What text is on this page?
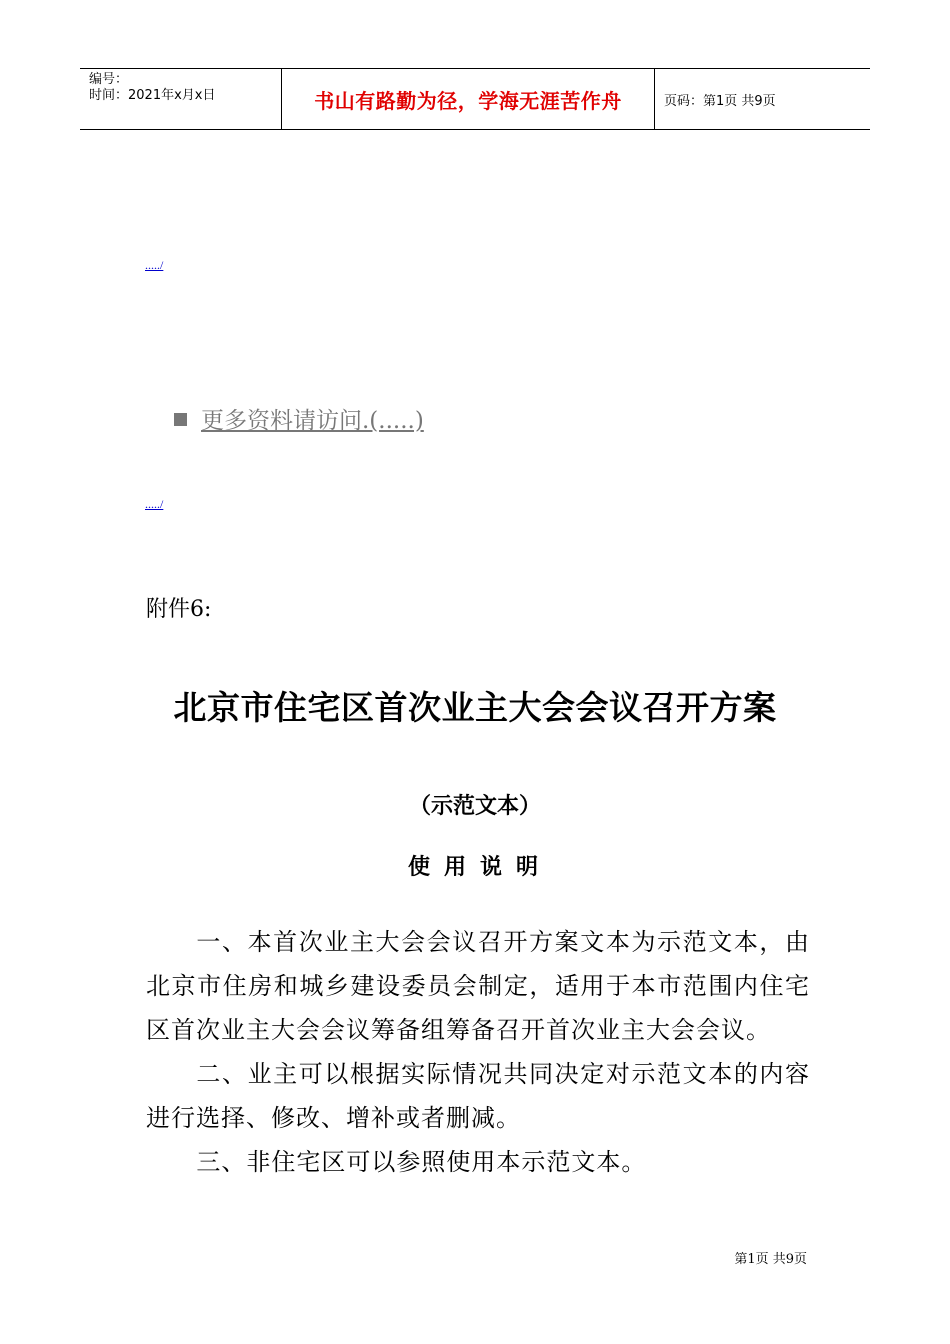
编号：
时间：2021年x月x日	书山有路勤为径，学海无涯苦作舟	页码：第1页 共9页
...../
更多资料请访问.(.....)
...../
附件6:
北京市住宅区首次业主大会会议召开方案
（示范文本）
使用说明

一、本首次业主大会会议召开方案文本为示范文本，由北京市住房和城乡建设委员会制定，适用于本市范围内住宅区首次业主大会会议筹备组筹备召开首次业主大会会议。

二、业主可以根据实际情况共同决定对示范文本的内容进行选择、修改、增补或者删减。

三、非住宅区可以参照使用本示范文本。

第1页 共9页
